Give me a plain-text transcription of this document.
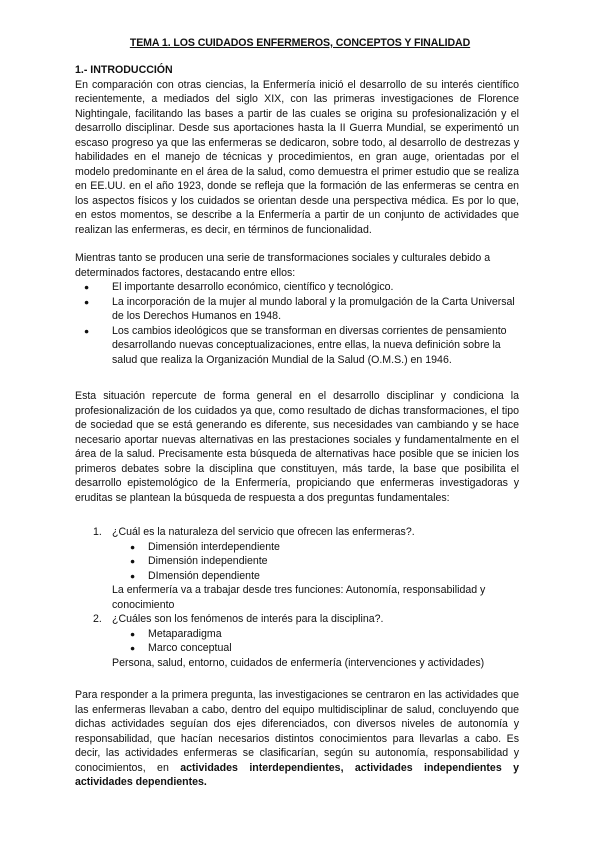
TEMA 1. LOS CUIDADOS ENFERMEROS, CONCEPTOS Y FINALIDAD
1.- INTRODUCCIÓN
En comparación con otras ciencias, la Enfermería inició el desarrollo de su interés científico recientemente, a mediados del siglo XIX, con las primeras investigaciones de Florence Nightingale, facilitando las bases a partir de las cuales se origina su profesionalización y el desarrollo disciplinar. Desde sus aportaciones hasta la II Guerra Mundial, se experimentó un escaso progreso ya que las enfermeras se dedicaron, sobre todo, al desarrollo de destrezas y habilidades en el manejo de técnicas y procedimientos, en gran auge, orientadas por el modelo predominante en el área de la salud, como demuestra el primer estudio que se realiza en EE.UU. en el año 1923, donde se refleja que la formación de las enfermeras se centra en los aspectos físicos y los cuidados se orientan desde una perspectiva médica. Es por lo que, en estos momentos, se describe a la Enfermería a partir de un conjunto de actividades que realizan las enfermeras, es decir, en términos de funcionalidad.
Mientras tanto se producen una serie de transformaciones sociales y culturales debido a determinados factores, destacando entre ellos:
● El importante desarrollo económico, científico y tecnológico.
● La incorporación de la mujer al mundo laboral y la promulgación de la Carta Universal de los Derechos Humanos en 1948.
● Los cambios ideológicos que se transforman en diversas corrientes de pensamiento desarrollando nuevas conceptualizaciones, entre ellas, la nueva definición sobre la salud que realiza la Organización Mundial de la Salud (O.M.S.) en 1946.
Esta situación repercute de forma general en el desarrollo disciplinar y condiciona la profesionalización de los cuidados ya que, como resultado de dichas transformaciones, el tipo de sociedad que se está generando es diferente, sus necesidades van cambiando y se hace necesario aportar nuevas alternativas en las prestaciones sociales y fundamentalmente en el área de la salud. Precisamente esta búsqueda de alternativas hace posible que se inicien los primeros debates sobre la disciplina que constituyen, más tarde, la base que posibilita el desarrollo epistemológico de la Enfermería, propiciando que enfermeras investigadoras y eruditas se plantean la búsqueda de respuesta a dos preguntas fundamentales:
1. ¿Cuál es la naturaleza del servicio que ofrecen las enfermeras?.
● Dimensión interdependiente
● Dimensión independiente
● DImensión dependiente
La enfermería va a trabajar desde tres funciones: Autonomía, responsabilidad y conocimiento
2. ¿Cuáles son los fenómenos de interés para la disciplina?.
● Metaparadigma
● Marco conceptual
Persona, salud, entorno, cuidados de enfermería (intervenciones y actividades)
Para responder a la primera pregunta, las investigaciones se centraron en las actividades que las enfermeras llevaban a cabo, dentro del equipo multidisciplinar de salud, concluyendo que dichas actividades seguían dos ejes diferenciados, con diversos niveles de autonomía y responsabilidad, que hacían necesarios distintos conocimientos para llevarlas a cabo. Es decir, las actividades enfermeras se clasificarían, según su autonomía, responsabilidad y conocimientos, en actividades interdependientes, actividades independientes y actividades dependientes.
